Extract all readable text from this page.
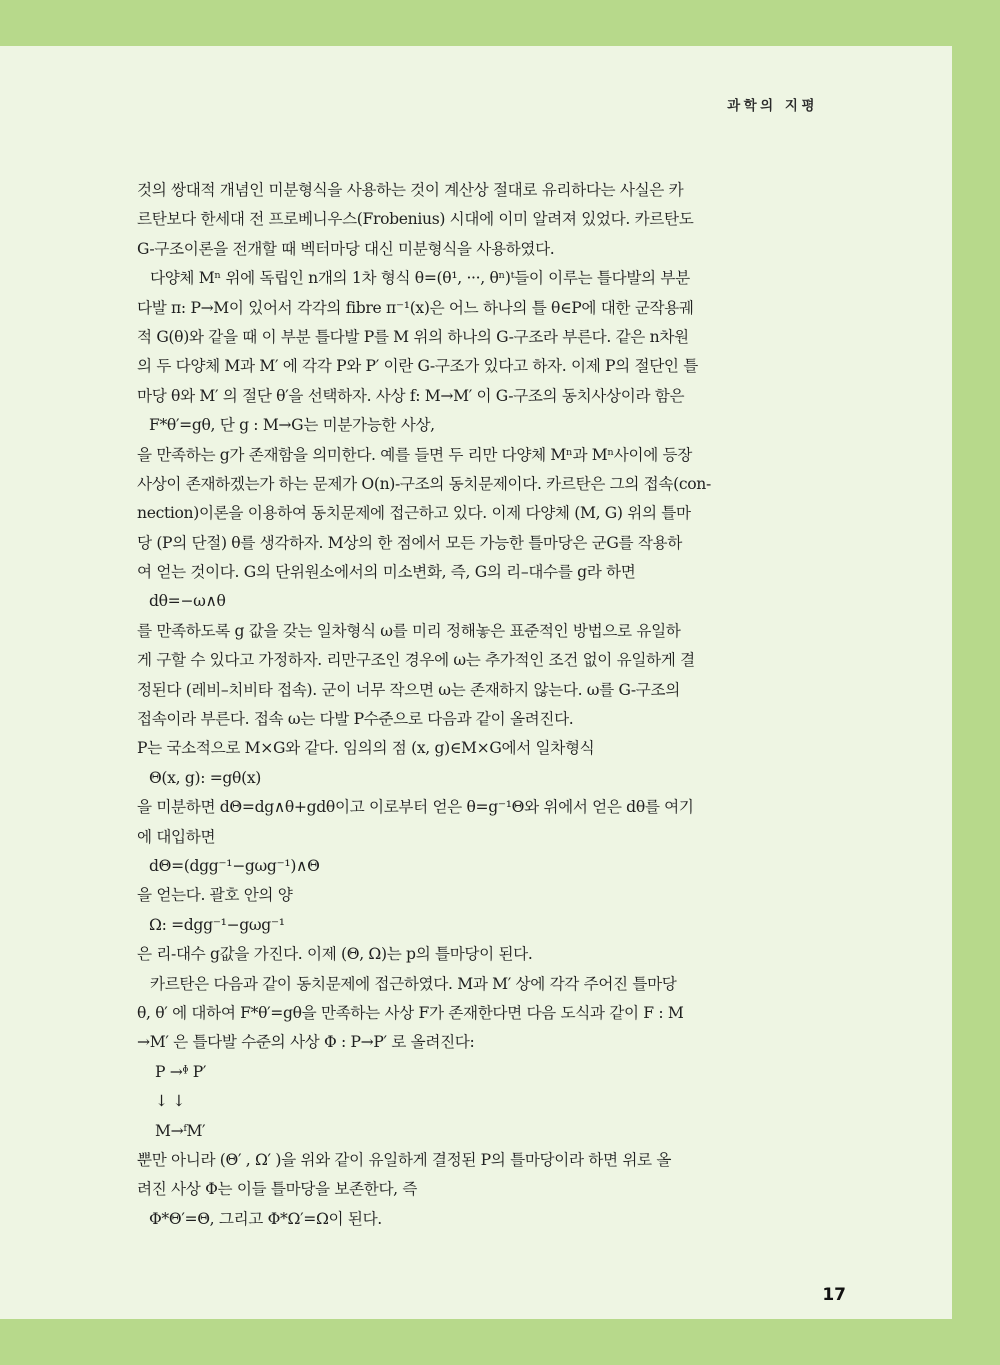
과학의 지평
것의 쌍대적 개념인 미분형식을 사용하는 것이 계산상 절대로 유리하다는 사실은 카
르탄보다 한세대 전 프로베니우스(Frobenius) 시대에 이미 알려져 있었다. 카르탄도
G-구조이론을 전개할 때 벡터마당 대신 미분형식을 사용하였다.
다양체 Mⁿ 위에 독립인 n개의 1차 형식 θ=(θ¹, ···, θⁿ)ᵗ들이 이루는 틀다발의 부분
다발 π: P→M이 있어서 각각의 fibre π⁻¹(x)은 어느 하나의 틀 θ∈P에 대한 군작용궤
적 G(θ)와 같을 때 이 부분 틀다발 P를 M 위의 하나의 G-구조라 부른다. 같은 n차원
의 두 다양체 M과 M′ 에 각각 P와 P′ 이란 G-구조가 있다고 하자. 이제 P의 절단인 틀
마당 θ와 M′ 의 절단 θ′을 선택하자. 사상 f: M→M′ 이 G-구조의 동치사상이라 함은
F*θ′=gθ, 단 g : M→G는 미분가능한 사상,
을 만족하는 g가 존재함을 의미한다. 예를 들면 두 리만 다양체 Mⁿ과 Mⁿ사이에 등장
사상이 존재하겠는가 하는 문제가 O(n)-구조의 동치문제이다. 카르탄은 그의 접속(con-
nection)이론을 이용하여 동치문제에 접근하고 있다. 이제 다양체 (M, G) 위의 틀마
당 (P의 단절) θ를 생각하자. M상의 한 점에서 모든 가능한 틀마당은 군G를 작용하
여 얻는 것이다. G의 단위원소에서의 미소변화, 즉, G의 리–대수를 g라 하면
dθ=−ω∧θ
를 만족하도록 g 값을 갖는 일차형식 ω를 미리 정해놓은 표준적인 방법으로 유일하
게 구할 수 있다고 가정하자. 리만구조인 경우에 ω는 추가적인 조건 없이 유일하게 결
정된다 (레비–치비타 접속). 군이 너무 작으면 ω는 존재하지 않는다. ω를 G-구조의
접속이라 부른다. 접속 ω는 다발 P수준으로 다음과 같이 올려진다.
P는 국소적으로 M×G와 같다. 임의의 점 (x, g)∈M×G에서 일차형식
Θ(x, g): =gθ(x)
을 미분하면 dΘ=dg∧θ+gdθ이고 이로부터 얻은 θ=g⁻¹Θ와 위에서 얻은 dθ를 여기
에 대입하면
dΘ=(dgg⁻¹−gωg⁻¹)∧Θ
을 얻는다. 괄호 안의 양
Ω: =dgg⁻¹−gωg⁻¹
은 리-대수 g값을 가진다. 이제 (Θ, Ω)는 p의 틀마당이 된다.
카르탄은 다음과 같이 동치문제에 접근하였다. M과 M′ 상에 각각 주어진 틀마당
θ, θ′ 에 대하여 F*θ′=gθ을 만족하는 사상 F가 존재한다면 다음 도식과 같이 F : M
→M′ 은 틀다발 수준의 사상 Φ : P→P′ 로 올려진다:
P →ᶲ P′
↓ ↓
M→ᶠM′
뿐만 아니라 (Θ′ , Ω′ )을 위와 같이 유일하게 결정된 P의 틀마당이라 하면 위로 올
려진 사상 Φ는 이들 틀마당을 보존한다, 즉
Φ*Θ′=Θ, 그리고 Φ*Ω′=Ω이 된다.
17
